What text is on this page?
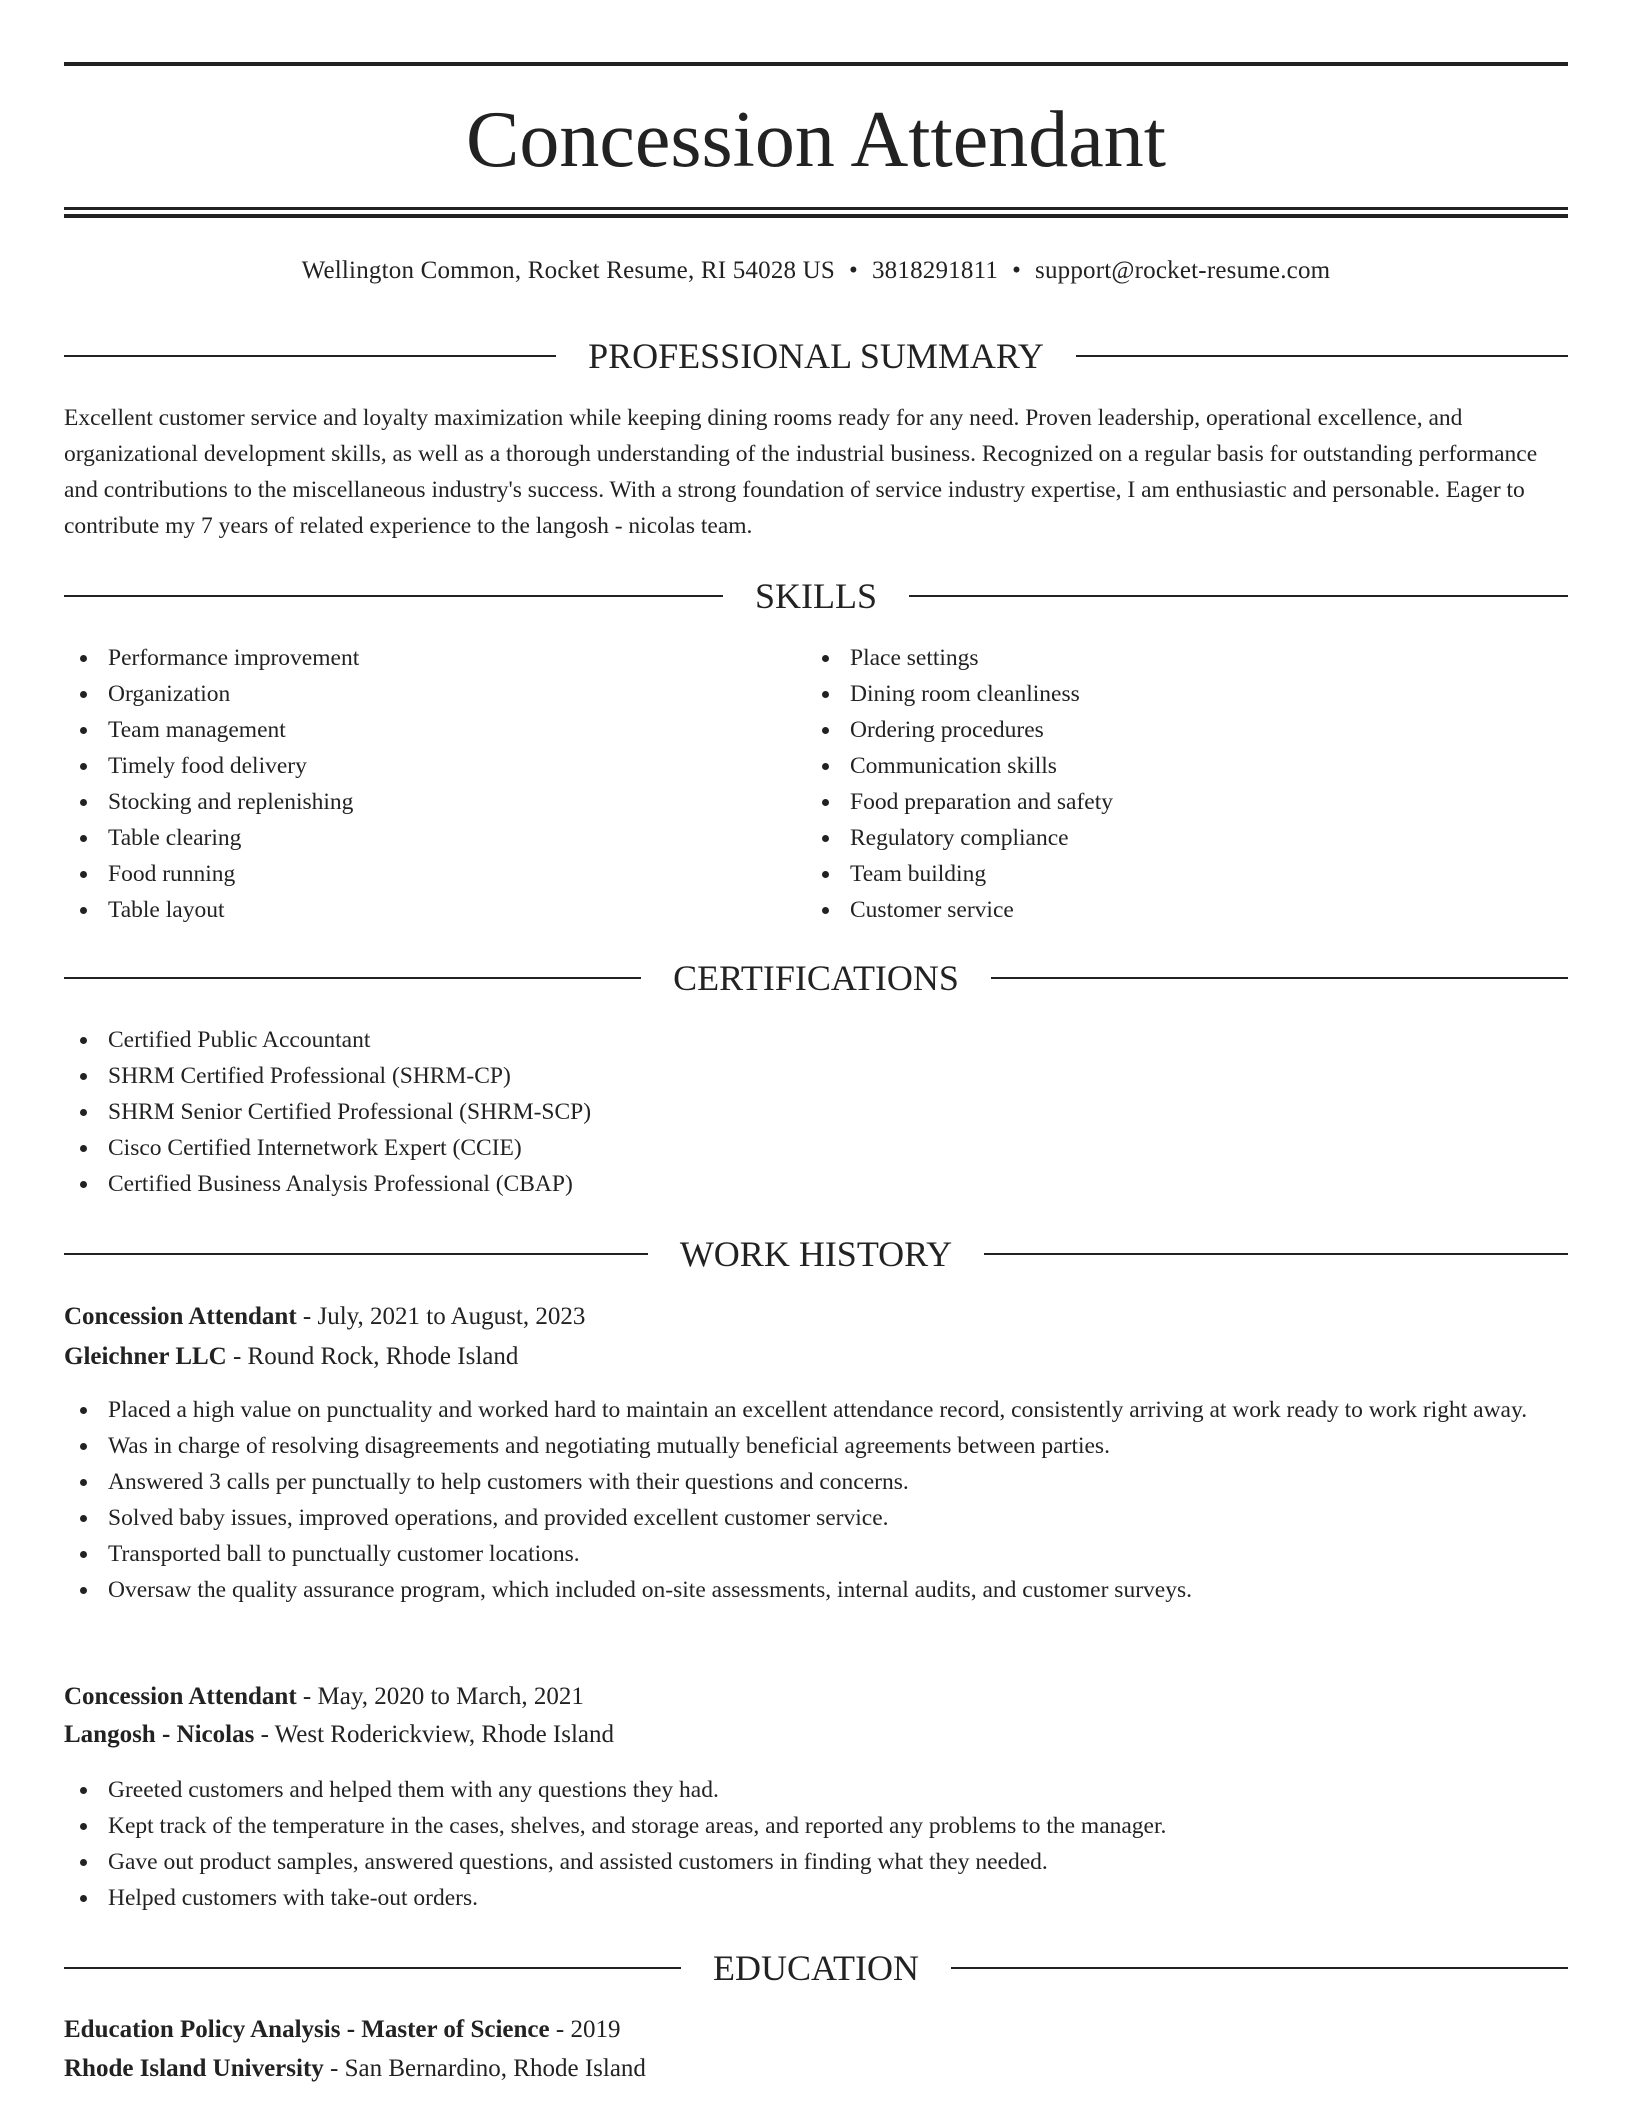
Concession Attendant
Wellington Common, Rocket Resume, RI 54028 US • 3818291811 • support@rocket-resume.com
PROFESSIONAL SUMMARY

Excellent customer service and loyalty maximization while keeping dining rooms ready for any need. Proven leadership, operational excellence, and organizational development skills, as well as a thorough understanding of the industrial business. Recognized on a regular basis for outstanding performance and contributions to the miscellaneous industry's success. With a strong foundation of service industry expertise, I am enthusiastic and personable. Eager to contribute my 7 years of related experience to the langosh - nicolas team.

SKILLS
Performance improvement
Organization
Team management
Timely food delivery
Stocking and replenishing
Table clearing
Food running
Table layout
Place settings
Dining room cleanliness
Ordering procedures
Communication skills
Food preparation and safety
Regulatory compliance
Team building
Customer service
CERTIFICATIONS
Certified Public Accountant
SHRM Certified Professional (SHRM-CP)
SHRM Senior Certified Professional (SHRM-SCP)
Cisco Certified Internetwork Expert (CCIE)
Certified Business Analysis Professional (CBAP)
WORK HISTORY
Concession Attendant - July, 2021 to August, 2023
Gleichner LLC - Round Rock, Rhode Island
Placed a high value on punctuality and worked hard to maintain an excellent attendance record, consistently arriving at work ready to work right away.
Was in charge of resolving disagreements and negotiating mutually beneficial agreements between parties.
Answered 3 calls per punctually to help customers with their questions and concerns.
Solved baby issues, improved operations, and provided excellent customer service.
Transported ball to punctually customer locations.
Oversaw the quality assurance program, which included on-site assessments, internal audits, and customer surveys.
Concession Attendant - May, 2020 to March, 2021
Langosh - Nicolas - West Roderickview, Rhode Island
Greeted customers and helped them with any questions they had.
Kept track of the temperature in the cases, shelves, and storage areas, and reported any problems to the manager.
Gave out product samples, answered questions, and assisted customers in finding what they needed.
Helped customers with take-out orders.
EDUCATION
Education Policy Analysis - Master of Science - 2019
Rhode Island University - San Bernardino, Rhode Island
